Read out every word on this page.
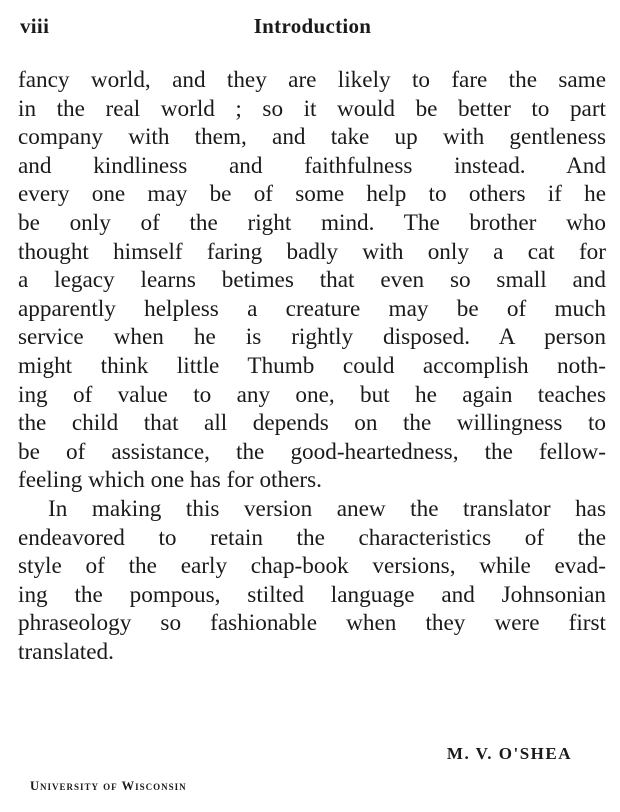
viii	Introduction
fancy world, and they are likely to fare the same
in the real world ; so it would be better to part
company with them, and take up with gentleness
and kindliness and faithfulness instead. And
every one may be of some help to others if he
be only of the right mind. The brother who
thought himself faring badly with only a cat for
a legacy learns betimes that even so small and
apparently helpless a creature may be of much
service when he is rightly disposed. A person
might think little Thumb could accomplish noth-
ing of value to any one, but he again teaches
the child that all depends on the willingness to
be of assistance, the good-heartedness, the fellow-
feeling which one has for others.
In making this version anew the translator has
endeavored to retain the characteristics of the
style of the early chap-book versions, while evad-
ing the pompous, stilted language and Johnsonian
phraseology so fashionable when they were first
translated.
M. V. O'SHEA
University of Wisconsin
